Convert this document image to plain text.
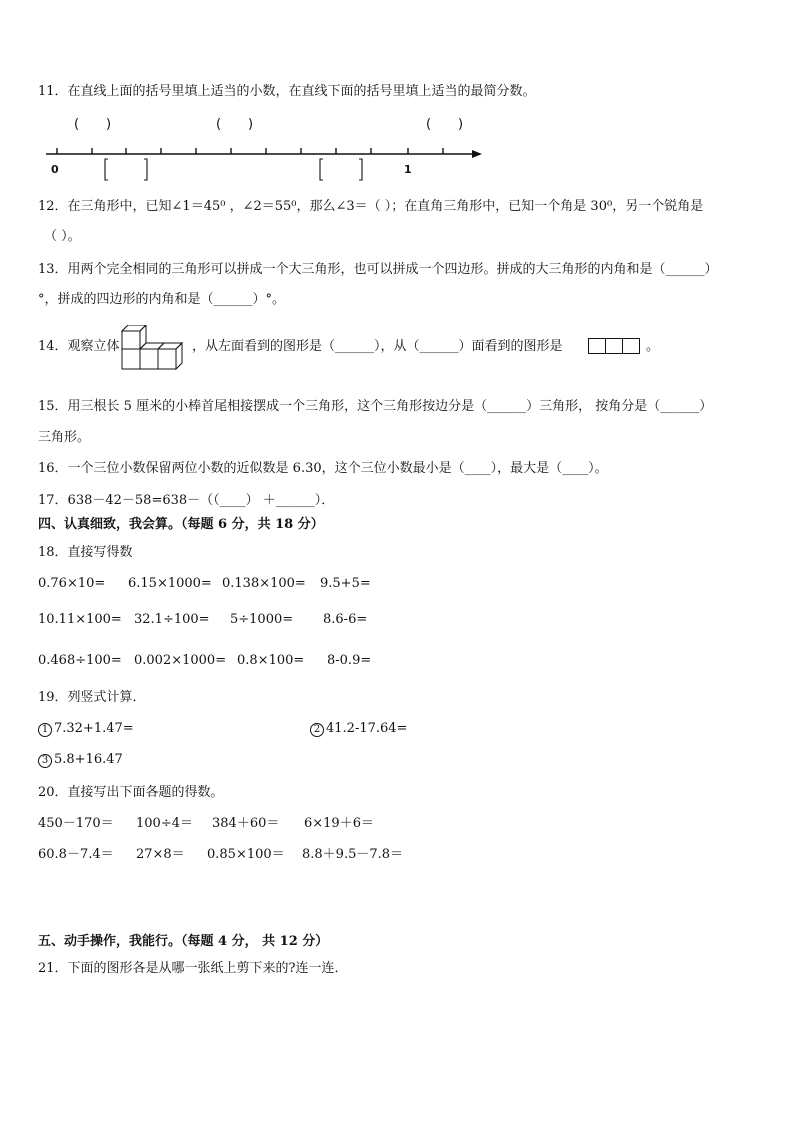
11．在直线上面的括号里填上适当的小数，在直线下面的括号里填上适当的最简分数。
( )	( )	( )
0	1
12．在三角形中，已知∠1＝45⁰ ，∠2＝55⁰，那么∠3＝（ ）；在直角三角形中，已知一个角是 30⁰，另一个锐角是
（ ）。
13．用两个完全相同的三角形可以拼成一个大三角形，也可以拼成一个四边形。拼成的大三角形的内角和是（______）
°，拼成的四边形的内角和是（______）°。
14．观察立体	，从左面看到的图形是（______），从（______）面看到的图形是	。
15．用三根长 5 厘米的小棒首尾相接摆成一个三角形，这个三角形按边分是（______）三角形， 按角分是（______）
三角形。
16．一个三位小数保留两位小数的近似数是 6.30，这个三位小数最小是（____），最大是（____）。
17．638－42－58=638－（（____） ＋______）．
四、认真细致，我会算。（每题 6 分，共 18 分）
18．直接写得数
0.76×10= 6.15×1000= 0.138×100= 9.5+5=
10.11×100= 32.1÷100= 5÷1000= 8.6-6=
0.468÷100= 0.002×1000= 0.8×100= 8-0.9=
19．列竖式计算．
1 7.32+1.47=	2 41.2-17.64=
3 5.8+16.47
20．直接写出下面各题的得数。
450－170＝ 100÷4＝ 384＋60＝ 6×19＋6＝
60.8－7.4＝ 27×8＝ 0.85×100＝ 8.8＋9.5－7.8＝
五、动手操作，我能行。（每题 4 分， 共 12 分）
21．下面的图形各是从哪一张纸上剪下来的?连一连．
